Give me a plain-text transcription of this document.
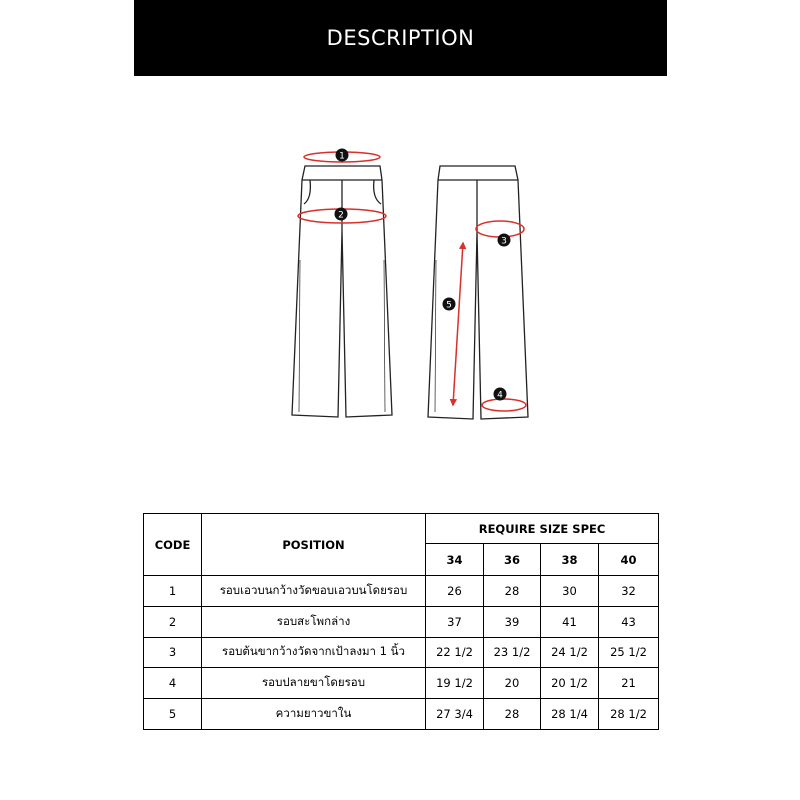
DESCRIPTION
1
2
3
4
5
CODE	POSITION	REQUIRE SIZE SPEC			
		34	36	38	40
1	รอบเอวบนกว้างวัดขอบเอวบนโดยรอบ	26	28	30	32
2	รอบสะโพกล่าง	37	39	41	43
3	รอบต้นขากว้างวัดจากเป้าลงมา 1 นิ้ว	22 1/2	23 1/2	24 1/2	25 1/2
4	รอบปลายขาโดยรอบ	19 1/2	20	20 1/2	21
5	ความยาวขาใน	27 3/4	28	28 1/4	28 1/2
